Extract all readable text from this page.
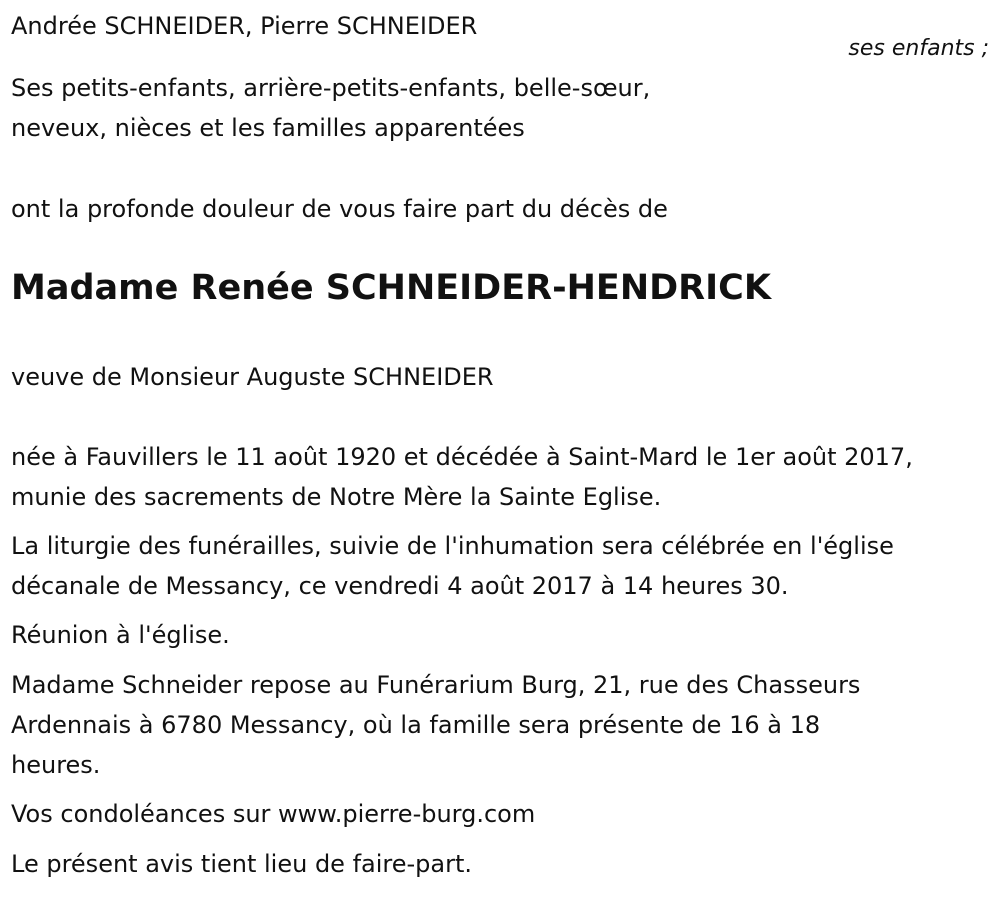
Andrée SCHNEIDER, Pierre SCHNEIDER

ses enfants ;

Ses petits-enfants, arrière-petits-enfants, belle-sœur,

neveux, nièces et les familles apparentées

ont la profonde douleur de vous faire part du décès de

Madame Renée SCHNEIDER-HENDRICK

veuve de Monsieur Auguste SCHNEIDER

née à Fauvillers le 11 août 1920 et décédée à Saint-Mard le 1er août 2017,

munie des sacrements de Notre Mère la Sainte Eglise.

La liturgie des funérailles, suivie de l'inhumation sera célébrée en l'église

décanale de Messancy, ce vendredi 4 août 2017 à 14 heures 30.

Réunion à l'église.

Madame Schneider repose au Funérarium Burg, 21, rue des Chasseurs

Ardennais à 6780 Messancy, où la famille sera présente de 16 à 18

heures.

Vos condoléances sur www.pierre-burg.com

Le présent avis tient lieu de faire-part.
